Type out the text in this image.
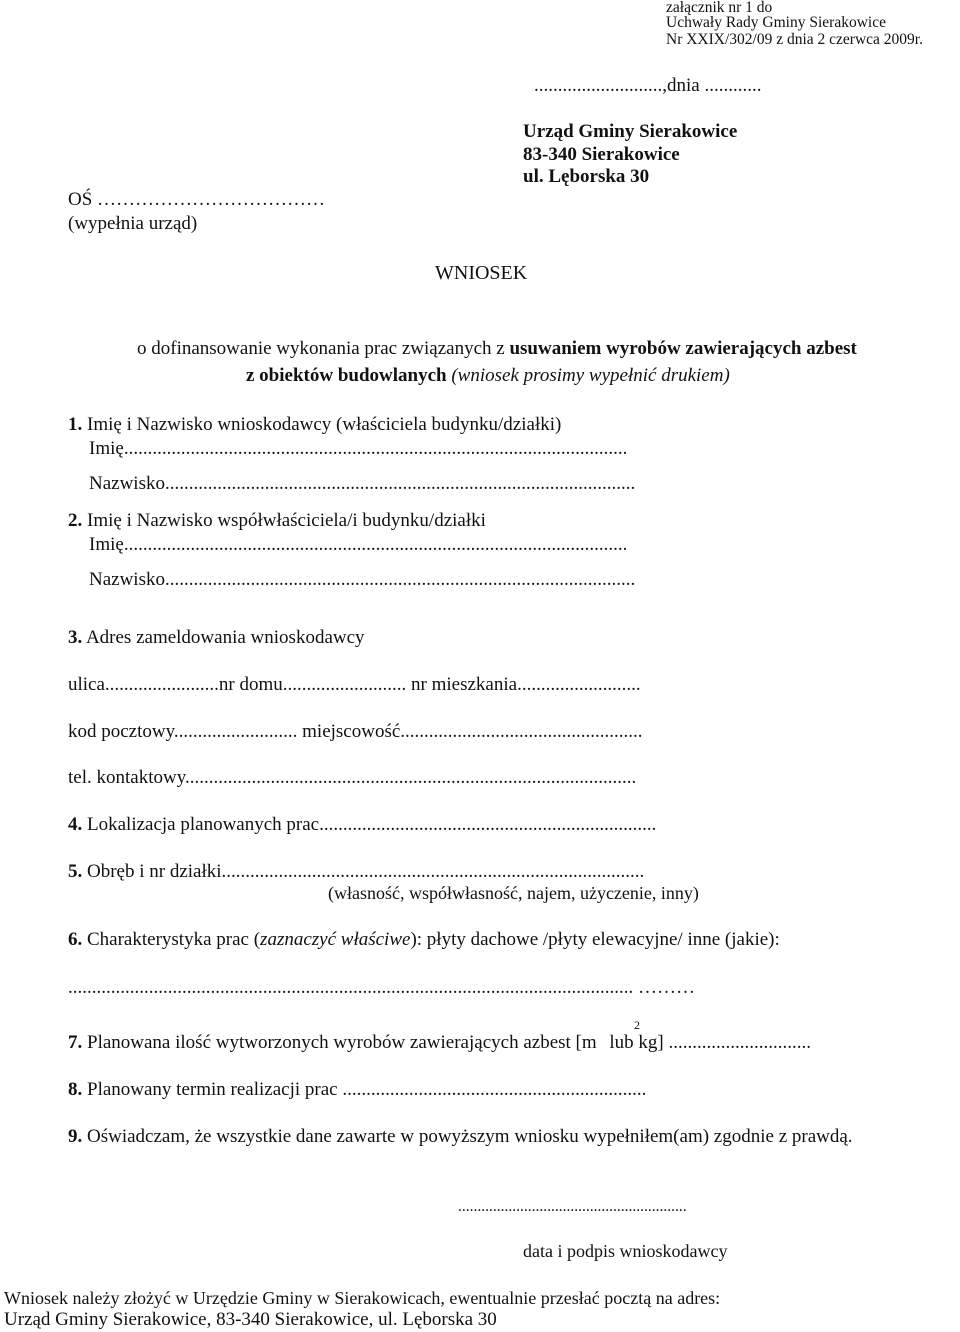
załącznik nr 1 do
Uchwały Rady Gminy Sierakowice
Nr XXIX/302/09 z dnia 2 czerwca 2009r.
...........................,dnia ............
Urząd Gminy Sierakowice
83-340 Sierakowice
ul. Lęborska 30
OŚ ………………………………
(wypełnia urząd)
WNIOSEK
o dofinansowanie wykonania prac związanych z usuwaniem wyrobów zawierających azbest
z obiektów budowlanych (wniosek prosimy wypełnić drukiem)
1. Imię i Nazwisko wnioskodawcy (właściciela budynku/działki)
Imię..........................................................................................................
Nazwisko...................................................................................................
2. Imię i Nazwisko współwłaściciela/i budynku/działki
Imię..........................................................................................................
Nazwisko...................................................................................................
3. Adres zameldowania wnioskodawcy
ulica........................nr domu.......................... nr mieszkania..........................
kod pocztowy.......................... miejscowość...................................................
tel. kontaktowy...............................................................................................
4. Lokalizacja planowanych prac.......................................................................
5. Obręb i nr działki.........................................................................................
(własność, współwłasność, najem, użyczenie, inny)
6. Charakterystyka prac (zaznaczyć właściwe): płyty dachowe /płyty elewacyjne/ inne (jakie):
....................................................................................................................... ………
2
7. Planowana ilość wytworzonych wyrobów zawierających azbest [m lub kg] ..............................
8. Planowany termin realizacji prac ................................................................
9. Oświadczam, że wszystkie dane zawarte w powyższym wniosku wypełniłem(am) zgodnie z prawdą.
...........................................................
data i podpis wnioskodawcy
Wniosek należy złożyć w Urzędzie Gminy w Sierakowicach, ewentualnie przesłać pocztą na adres:
Urząd Gminy Sierakowice, 83-340 Sierakowice, ul. Lęborska 30
